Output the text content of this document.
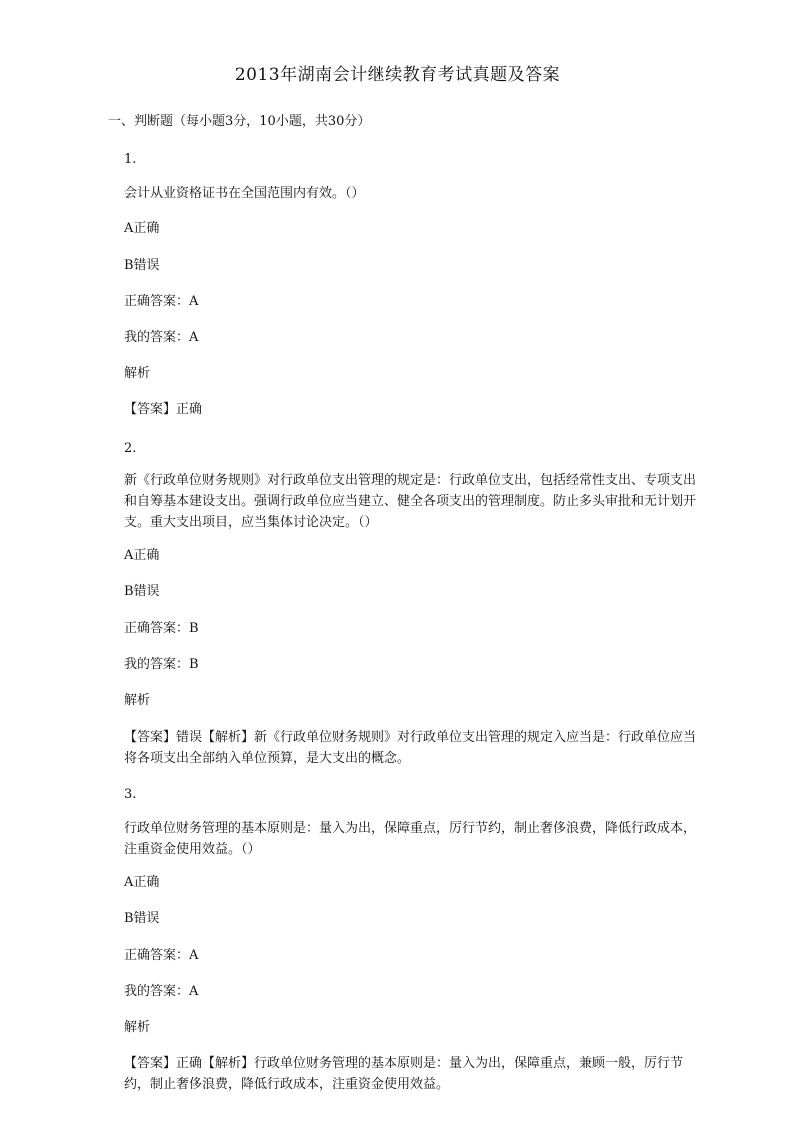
2013年湖南会计继续教育考试真题及答案
一、判断题（每小题3分，10小题，共30分）
1.
会计从业资格证书在全国范围内有效。（）
A正确
B错误
正确答案：A
我的答案：A
解析
【答案】正确
2.
新《行政单位财务规则》对行政单位支出管理的规定是：行政单位支出，包括经常性支出、专项支出和自筹基本建设支出。强调行政单位应当建立、健全各项支出的管理制度。防止多头审批和无计划开支。重大支出项目，应当集体讨论决定。（）
A正确
B错误
正确答案：B
我的答案：B
解析
【答案】错误【解析】新《行政单位财务规则》对行政单位支出管理的规定入应当是：行政单位应当将各项支出全部纳入单位预算，是大支出的概念。
3.
行政单位财务管理的基本原则是：量入为出，保障重点，厉行节约，制止奢侈浪费，降低行政成本，注重资金使用效益。（）
A正确
B错误
正确答案：A
我的答案：A
解析
【答案】正确【解析】行政单位财务管理的基本原则是：量入为出，保障重点，兼顾一般，厉行节约，制止奢侈浪费，降低行政成本，注重资金使用效益。
